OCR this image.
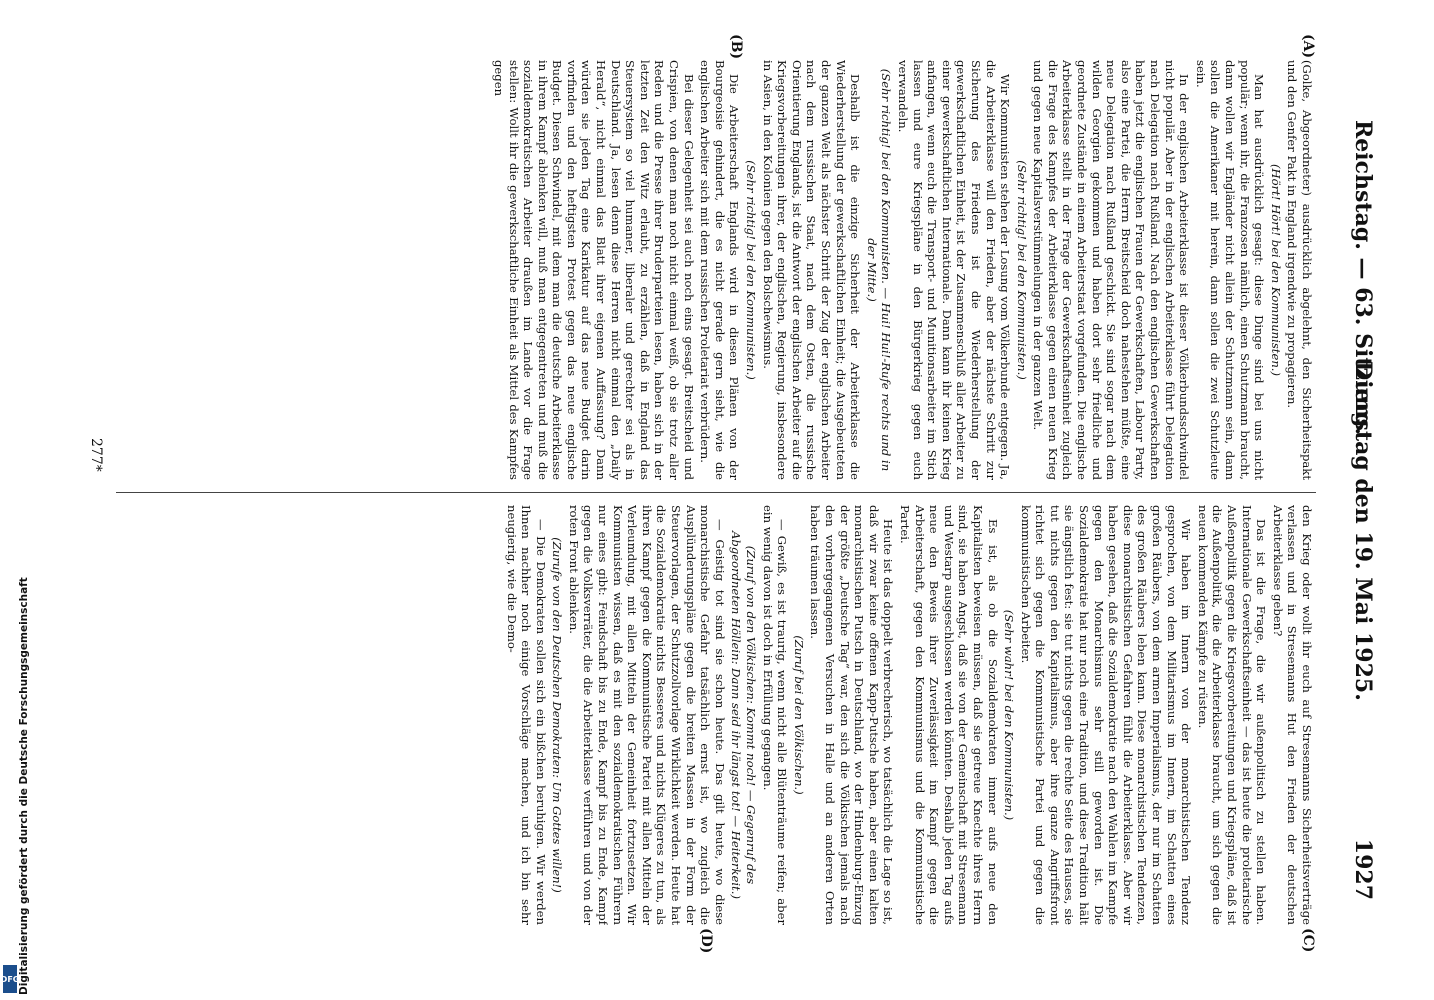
Reichstag. — 63. Sitzung.
Dienstag den 19. Mai 1925.                  1927
(A)
(B)
(C)
(D)

(Golke, Abgeordneter) ausdrücklich abgelehnt, den Sicherheitspakt und den Genfer Pakt in England irgendwie zu propagieren.

(Hört! Hört! bei den Kommunisten.)

Man hat ausdrücklich gesagt: diese Dinge sind bei uns nicht populär; wenn ihr, die Franzosen nämlich, einen Schutzmann braucht, dann wollen wir Engländer nicht allein der Schutzmann sein, dann sollen die Amerikaner mit herein, dann sollen die zwei Schutzleute sein.

In der englischen Arbeiterklasse ist dieser Völkerbundsschwindel nicht populär. Aber in der englischen Arbeiterklasse führt Delegation nach Delegation nach Rußland. Nach den englischen Gewerkschaften haben jetzt die englischen Frauen der Gewerkschaften, Labour Party, also eine Partei, die Herrn Breitscheid doch nahestehen müßte, eine neue Delegation nach Rußland geschickt. Sie sind sogar nach dem wilden Georgien gekommen und haben dort sehr friedliche und geordnete Zustände in einem Arbeiterstaat vorgefunden. Die englische Arbeiterklasse stellt in der Frage der Gewerkschaftseinheit zugleich die Frage des Kampfes der Arbeiterklasse gegen einen neuen Krieg und gegen neue Kapitalsverstümmelungen in der ganzen Welt.

(Sehr richtig! bei den Kommunisten.)

Wir Kommunisten stehen der Losung vom Völkerbunde entgegen. Ja, die Arbeiterklasse will den Frieden, aber der nächste Schritt zur Sicherung des Friedens ist die Wiederherstellung der gewerkschaftlichen Einheit, ist der Zusammenschluß aller Arbeiter zu einer gewerkschaftlichen Internationale. Dann kann ihr keinen Krieg anfangen, wenn euch die Transport- und Munitionsarbeiter im Stich lassen und eure Kriegspläne in den Bürgerkrieg gegen euch verwandeln.

(Sehr richtig! bei den Kommunisten. — Hui! Hui!-Rufe rechts und in der Mitte.)

Deshalb ist die einzige Sicherheit der Arbeiterklasse die Wiederherstellung der gewerkschaftlichen Einheit; die Ausgebeuteten der ganzen Welt als nächster Schritt der Zug der englischen Arbeiter nach dem russischen Staat, nach dem Osten, die russische Orientierung Englands, ist die Antwort der englischen Arbeiter auf die Kriegsvorbereitungen ihrer, der englischen, Regierung, insbesondere in Asien, in den Kolonien gegen den Bolschewismus.

(Sehr richtig! bei den Kommunisten.)

Die Arbeiterschaft Englands wird in diesen Plänen von der Bourgeoisie gehindert, die es nicht gerade gern sieht, wie die englischen Arbeiter sich mit dem russischen Proletariat verbrüdern.

Bei dieser Gelegenheit sei auch noch eins gesagt. Breitscheid und Crispien, von denen man noch nicht einmal weiß, ob sie trotz aller Reden und die Presse ihrer Bruderparteien lesen, haben sich in der letzten Zeit den Witz erlaubt, zu erzählen, daß in England das Steuersystem so viel humaner, liberaler und gerechter sei als in Deutschland. Ja, lesen denn diese Herren nicht einmal den „Daily Herald“, nicht einmal das Blatt ihrer eigenen Auffassung? Dann würden sie jeden Tag eine Karikatur auf das neue Budget darin vorfinden und den heftigsten Protest gegen das neue englische Budget. Diesen Schwindel, mit dem man die deutsche Arbeiterklasse in ihrem Kampf ablenken will, muß man entgegentreten und muß die sozialdemokratischen Arbeiter draußen im Lande vor die Frage stellen: Wollt ihr die gewerkschaftliche Einheit als Mittel des Kampfes gegen

den Krieg oder wollt ihr euch auf Stresemanns Sicherheitsverträge verlassen und in Stresemanns Hut den Frieden der deutschen Arbeiterklasse geben?

Das ist die Frage, die wir außenpolitisch zu stellen haben. Internationale Gewerkschaftseinheit — das ist heute die proletarische Außenpolitik gegen die Kriegsvorbereitungen und Kriegspläne, daß ist die Außenpolitik, die die Arbeiterklasse braucht, um sich gegen die neuen kommenden Kämpfe zu rüsten.

Wir haben im Innern von der monarchistischen Tendenz gesprochen, von dem Militarismus im Innern, im Schatten eines großen Räubers, von dem armen Imperialismus, der nur im Schatten des großen Räubers leben kann. Diese monarchistischen Tendenzen, diese monarchistischen Gefahren fühlt die Arbeiterklasse. Aber wir haben gesehen, daß die Sozialdemokratie nach den Wahlen im Kampfe gegen den Monarchismus sehr still geworden ist. Die Sozialdemokratie hat nur noch eine Tradition, und diese Tradition hält sie ängstlich fest: sie tut nichts gegen die rechte Seite des Hauses, sie tut nichts gegen den Kapitalismus, aber ihre ganze Angriffsfront richtet sich gegen die Kommunistische Partei und gegen die kommunistischen Arbeiter.

(Sehr wahr! bei den Kommunisten.)

Es ist, als ob die Sozialdemokraten immer aufs neue den Kapitalisten beweisen müssen, daß sie getreue Knechte ihres Herrn sind, sie haben Angst, daß sie von der Gemeinschaft mit Stresemann und Westarp ausgeschlossen werden könnten. Deshalb jeden Tag aufs neue den Beweis ihrer Zuverlässigkeit im Kampf gegen die Arbeiterschaft, gegen den Kommunismus und die Kommunistische Partei.

Heute ist das doppelt verbrecherisch, wo tatsächlich die Lage so ist, daß wir zwar keine offenen Kapp-Putsche haben, aber einen kalten monarchistischen Putsch in Deutschland, wo der Hindenburg-Einzug der größte „Deutsche Tag“ war, den sich die Völkischen jemals nach den vorhergegangenen Versuchen in Halle und an anderen Orten haben träumen lassen.

(Zuruf bei den Völkischen.)

— Gewiß, es ist traurig, wenn nicht alle Blütenträume reifen; aber ein wenig davon ist doch in Erfüllung gegangen.

(Zuruf von den Völkischen: Kommt noch! — Gegenruf des Abgeordneten Höllein: Dann seid ihr längst tot! — Heiterkeit.)

— Geistig tot sind sie schon heute. Das gilt heute, wo diese monarchistische Gefahr tatsächlich ernst ist, wo zugleich die Ausplünderungspläne gegen die breiten Massen in der Form der Steuervorlagen, der Schutzzollvorlage Wirklichkeit werden. Heute hat die Sozialdemokratie nichts Besseres und nichts Klügeres zu tun, als ihren Kampf gegen die Kommunistische Partei mit allen Mitteln der Verleumdung, mit allen Mitteln der Gemeinheit fortzusetzen. Wir Kommunisten wissen, daß es mit den sozialdemokratischen Führern nur eines gibt: Feindschaft bis zu Ende, Kampf bis zu Ende, Kampf gegen die Volksverräter, die die Arbeiterklasse verführen und von der roten Front ablenken.

(Zurufe von den Deutschen Demokraten: Um Gottes willen!)

— Die Demokraten sollen sich ein bißchen beruhigen. Wir werden Ihnen nachher noch einige Vorschläge machen, und ich bin sehr neugierig, wie die Demo-

277*
Digitalisierung gefördert durch die Deutsche Forschungsgemeinschaft
DFG
